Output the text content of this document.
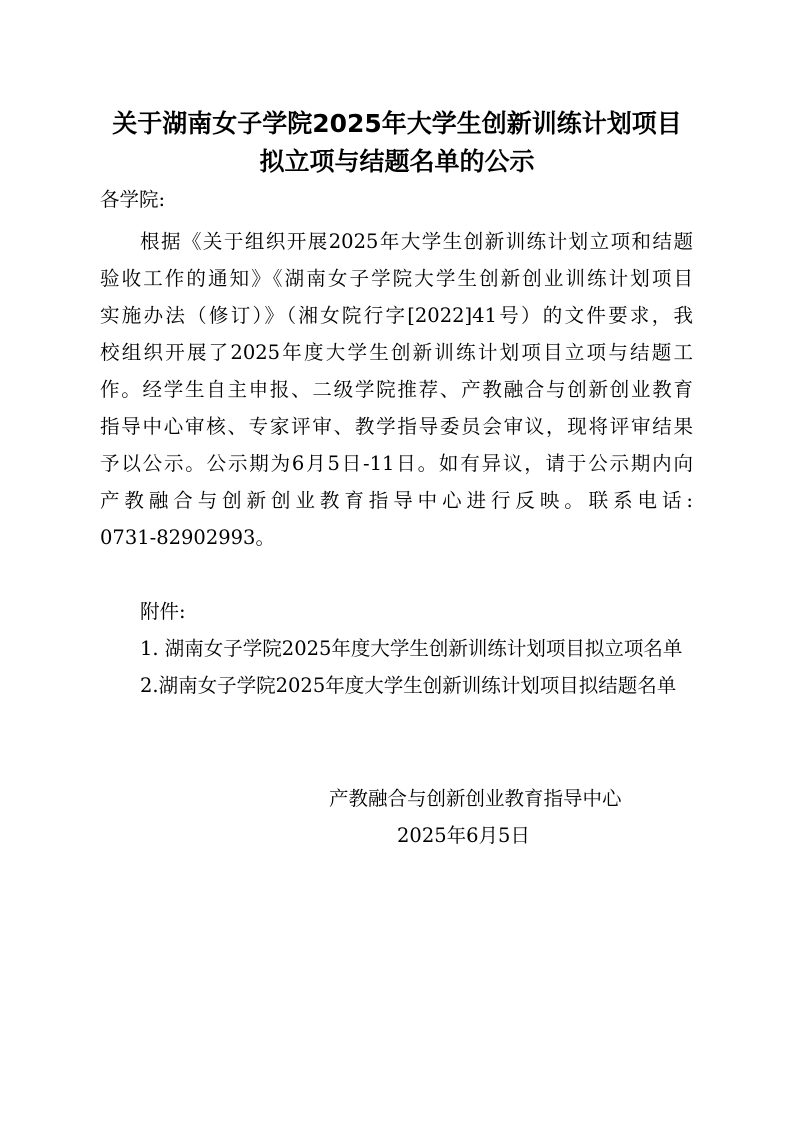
关于湖南女子学院2025年大学生创新训练计划项目
拟立项与结题名单的公示
各学院:
根据《关于组织开展2025年大学生创新训练计划立项和结题
验收工作的通知》《湖南女子学院大学生创新创业训练计划项目
实施办法（修订）》（湘女院行字[2022]41号）的文件要求，我
校组织开展了2025年度大学生创新训练计划项目立项与结题工
作。经学生自主申报、二级学院推荐、产教融合与创新创业教育
指导中心审核、专家评审、教学指导委员会审议，现将评审结果
予以公示。公示期为6月5日-11日。如有异议，请于公示期内向
产教融合与创新创业教育指导中心进行反映。联系电话:
0731-82902993。
附件:
1. 湖南女子学院2025年度大学生创新训练计划项目拟立项名单
2.湖南女子学院2025年度大学生创新训练计划项目拟结题名单
产教融合与创新创业教育指导中心
2025年6月5日
